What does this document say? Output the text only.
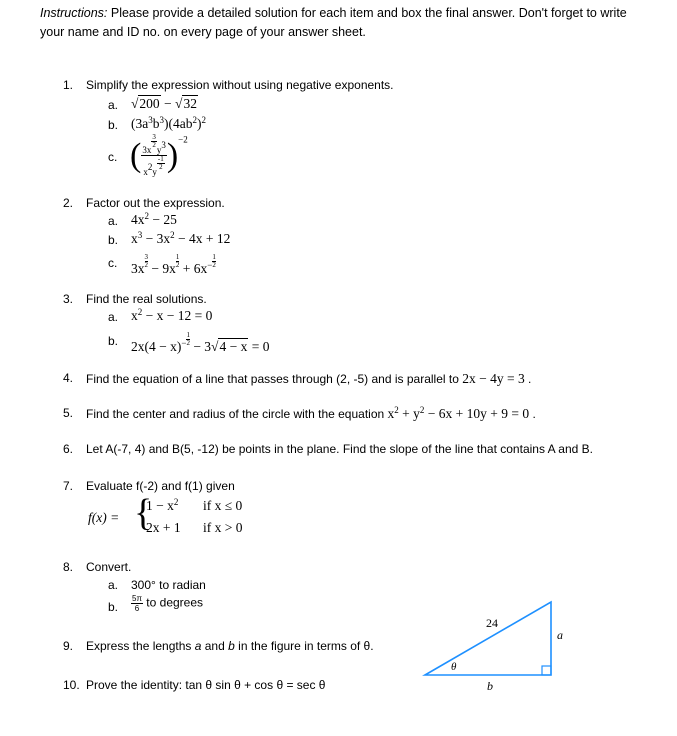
Instructions: Please provide a detailed solution for each item and box the final answer. Don't forget to write your name and ID no. on every page of your answer sheet.
1. Simplify the expression without using negative exponents.
a. √200 − √32
b. $(3a^3b^3)(4ab^2)^2$
c. ( 3x
$\frac{3}{2}$
$y^3$
$x^2y$
$\frac{-1}{2} )^{-2}$
2. Factor out the expression.
a. $4x^2 - 25$
b. $x^3 - 3x^2 - 4x + 12$
c. $3x \frac{3}{2} - 9x \frac{1}{2} + 6x^- \frac{1}{2}$
3. Find the real solutions.
a. $x^2 - x - 12 = 0$
b. $2x(4 - x)^- \frac{1}{2} - 3√4 - x = 0$
4. Find the equation of a line that passes through (2, -5) and is parallel to 2x − 4y = 3 .
5. Find the center and radius of the circle with the equation $x^2 + y^2 - 6x + 10y + 9 = 0$ .
6. Let A(-7, 4) and B(5, -12) be points in the plane. Find the slope of the line that contains A and B.
7. Evaluate f(-2) and f(1) given
f(x) = {
$1 - x^2$ if x ≤ 0
2x + 1 if x > 0
8. Convert.
a. 300° to radian
b. $\frac{5\pi}{6}$ to degrees
9. Express the lengths a and b in the figure in terms of θ.
10. Prove the identity: tan θ sin θ + cos θ = sec θ
24
a
b
θ
